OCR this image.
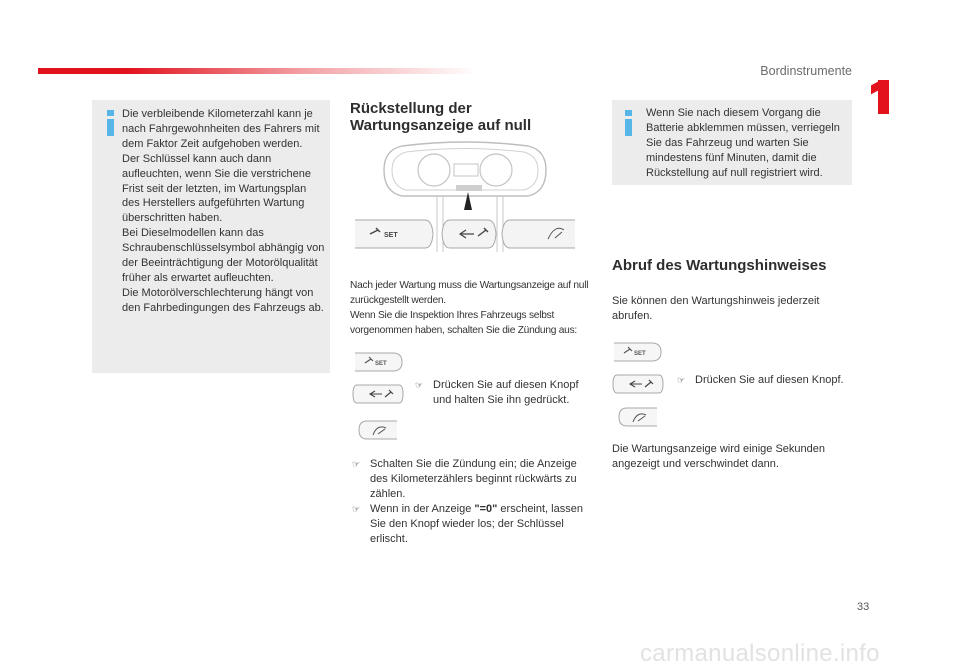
Bordinstrumente

Die verbleibende Kilometerzahl kann je nach Fahrgewohnheiten des Fahrers mit dem Faktor Zeit aufgehoben werden.

Der Schlüssel kann auch dann aufleuchten, wenn Sie die verstrichene Frist seit der letzten, im Wartungsplan des Herstellers aufgeführten Wartung überschritten haben.

Bei Dieselmodellen kann das Schraubenschlüsselsymbol abhängig von der Beeinträchtigung der Motorölqualität früher als erwartet aufleuchten.

Die Motorölverschlechterung hängt von den Fahrbedingungen des Fahrzeugs ab.

Rückstellung der Wartungsanzeige auf null
SET

Nach jeder Wartung muss die Wartungsanzeige auf null zurückgestellt werden.

Wenn Sie die Inspektion Ihres Fahrzeugs selbst vorgenommen haben, schalten Sie die Zündung aus:

SET
☞ Drücken Sie auf diesen Knopf und halten Sie ihn gedrückt.
☞ Schalten Sie die Zündung ein; die Anzeige des Kilometerzählers beginnt rückwärts zu zählen.
☞ Wenn in der Anzeige "=0" erscheint, lassen Sie den Knopf wieder los; der Schlüssel erlischt.
Wenn Sie nach diesem Vorgang die Batterie abklemmen müssen, verriegeln Sie das Fahrzeug und warten Sie mindestens fünf Minuten, damit die Rückstellung auf null registriert wird.
Abruf des Wartungshinweises

Sie können den Wartungshinweis jederzeit abrufen.

SET
☞ Drücken Sie auf diesen Knopf.

Die Wartungsanzeige wird einige Sekunden angezeigt und verschwindet dann.

33
carmanualsonline.info
